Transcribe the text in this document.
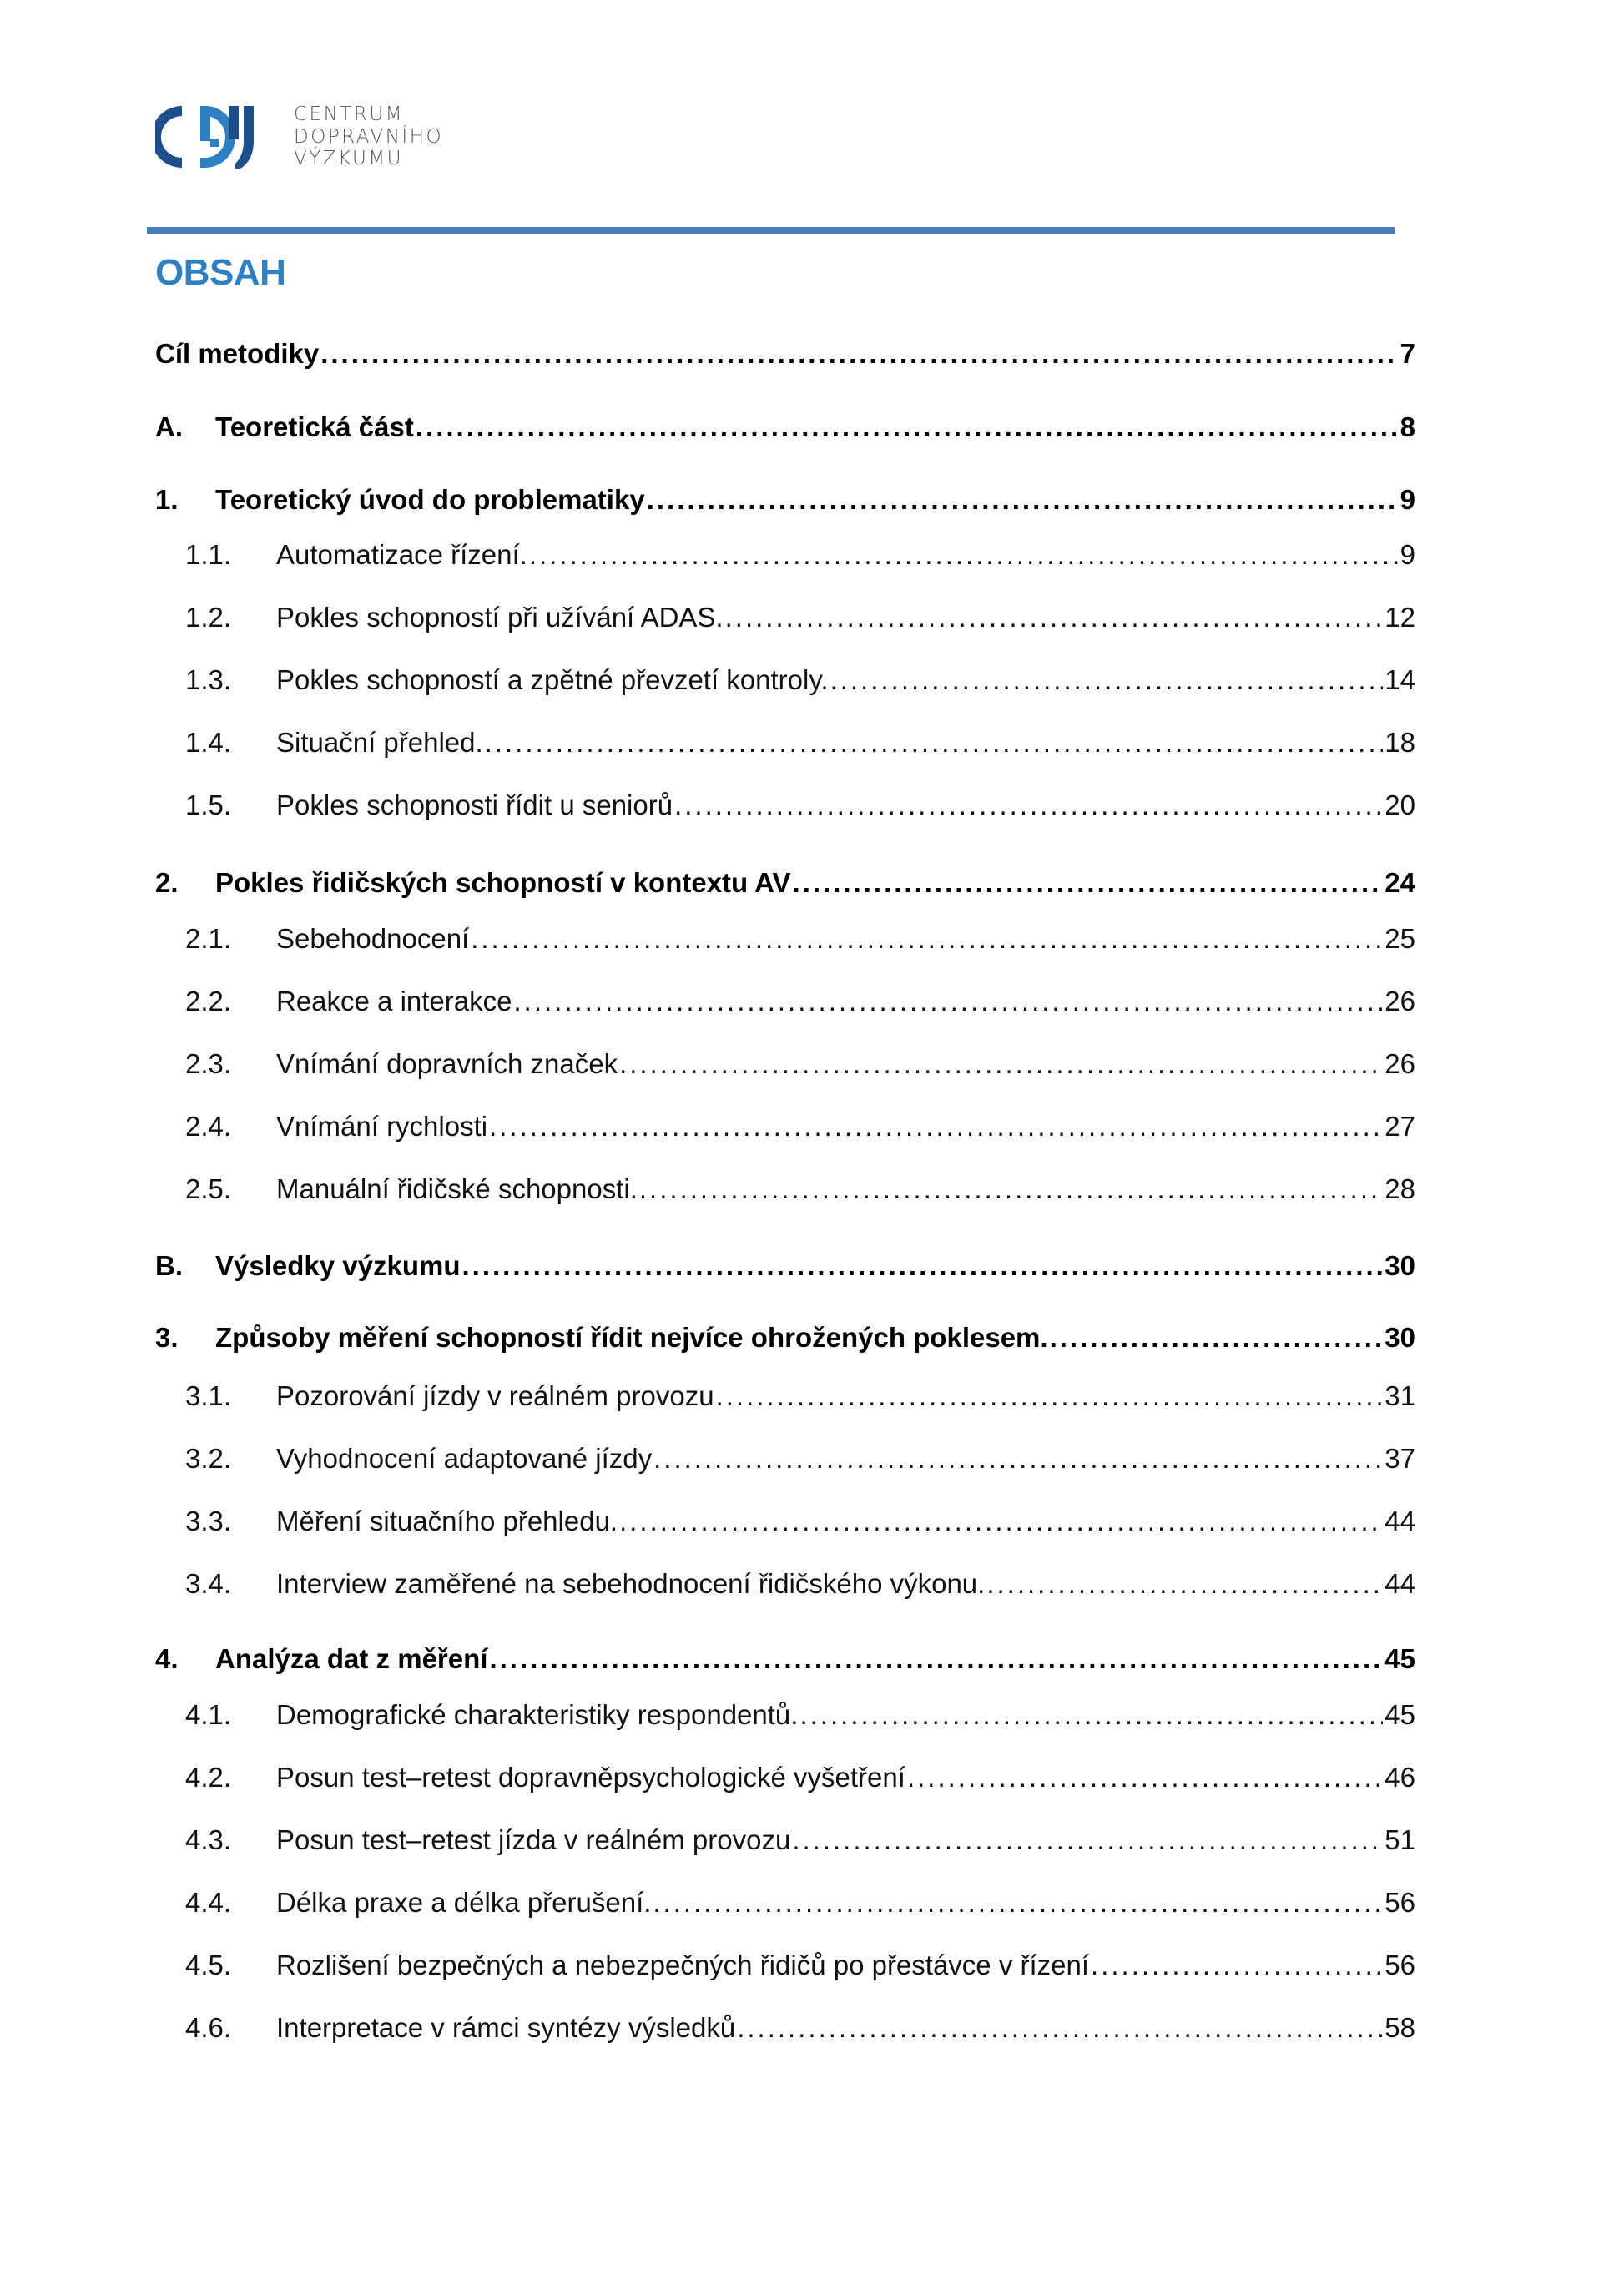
CENTRUM
DOPRAVNÍHO
VÝZKUMU
OBSAH
Cíl metodiky .....	7
A.	Teoretická část .....	8
1.	Teoretický úvod do problematiky .....	9
1.1.	Automatizace řízení. .....	9
1.2.	Pokles schopností při užívání ADAS. .....	12
1.3.	Pokles schopností a zpětné převzetí kontroly. .....	14
1.4.	Situační přehled. .....	18
1.5.	Pokles schopnosti řídit u seniorů .....	20
2.	Pokles řidičských schopností v kontextu AV .....	24
2.1.	Sebehodnocení .....	25
2.2.	Reakce a interakce .....	26
2.3.	Vnímání dopravních značek .....	26
2.4.	Vnímání rychlosti .....	27
2.5.	Manuální řidičské schopnosti. .....	28
B.	Výsledky výzkumu .....	30
3.	Způsoby měření schopností řídit nejvíce ohrožených poklesem. .....	30
3.1.	Pozorování jízdy v reálném provozu .....	31
3.2.	Vyhodnocení adaptované jízdy .....	37
3.3.	Měření situačního přehledu. .....	44
3.4.	Interview zaměřené na sebehodnocení řidičského výkonu. .....	44
4.	Analýza dat z měření .....	45
4.1.	Demografické charakteristiky respondentů. .....	45
4.2.	Posun test–retest dopravněpsychologické vyšetření .....	46
4.3.	Posun test–retest jízda v reálném provozu .....	51
4.4.	Délka praxe a délka přerušení. .....	56
4.5.	Rozlišení bezpečných a nebezpečných řidičů po přestávce v řízení .....	56
4.6.	Interpretace v rámci syntézy výsledků .....	58
